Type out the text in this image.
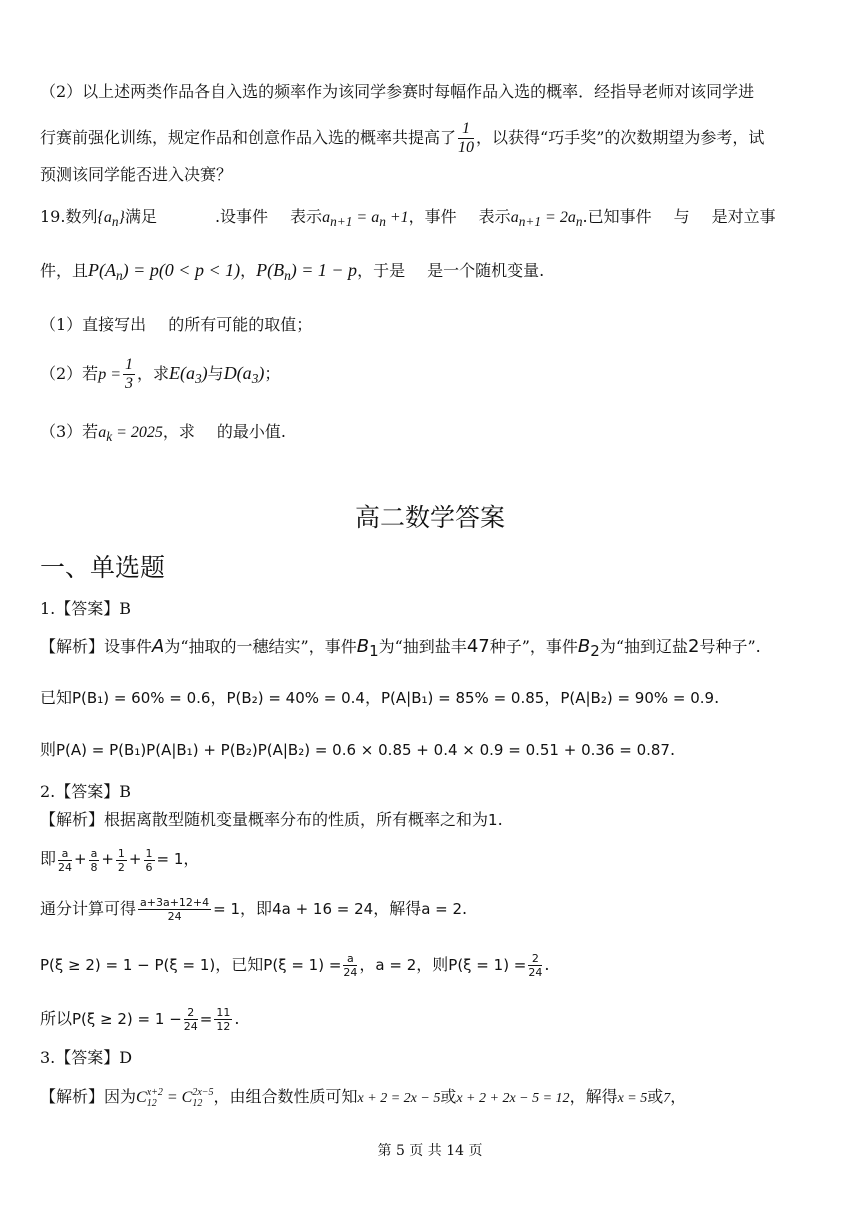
（2）以上述两类作品各自入选的频率作为该同学参赛时每幅作品入选的概率．经指导老师对该同学进
行赛前强化训练，规定作品和创意作品入选的概率共提高了 $\frac{1}{10}$ ，以获得“巧手奖”的次数期望为参考，试
预测该同学能否进入决赛？
19.数列$\{a_n\}$满足	.设事件 表示$a_{n+1} = a_n +1$，事件 表示$a_{n+1} = 2a_n$.已知事件 与 是对立事
件，且$P(A_n) = p(0 < p < 1)$，$P(B_n) = 1 - p$，于是 是一个随机变量.
（1）直接写出 的所有可能的取值；
（2）若$p = \frac{1}{3}$ ，求$E(a_3)$与$D(a_3)$；
（3）若$a_k = 2025$，求 的最小值.
高二数学答案
一、单选题
1.【答案】B
【解析】设事件A为“抽取的一穗结实”，事件$B_1$为“抽到盐丰47种子”，事件$B_2$为“抽到辽盐2号种子”.
已知P(B₁) = 60% = 0.6，P(B₂) = 40% = 0.4，P(A|B₁) = 85% = 0.85，P(A|B₂) = 90% = 0.9.
则P(A) = P(B₁)P(A|B₁) + P(B₂)P(A|B₂) = 0.6 × 0.85 + 0.4 × 0.9 = 0.51 + 0.36 = 0.87.
2.【答案】B
【解析】根据离散型随机变量概率分布的性质，所有概率之和为1.
即 $\frac{a}{24} + \frac{a}{8} + \frac{1}{2} + \frac{1}{6} = 1$，
通分计算可得 $\frac{a+3a+12+4}{24} = 1$，即4a + 16 = 24，解得a = 2.
P(ξ ≥ 2) = 1 − P(ξ = 1)，已知$P(\xi = 1) = \frac{a}{24}$ ，a = 2，则$P(\xi = 1) = \frac{2}{24}$ .
所以$P(\xi \ge 2) = 1 - \frac{2}{24} = \frac{11}{12}$ .
3.【答案】D
【解析】因为C x+2
12 = C 2x−5
12 ，由组合数性质可知x + 2 = 2x − 5或x + 2 + 2x − 5 = 12，解得x = 5或7，
第 5 页 共 14 页
